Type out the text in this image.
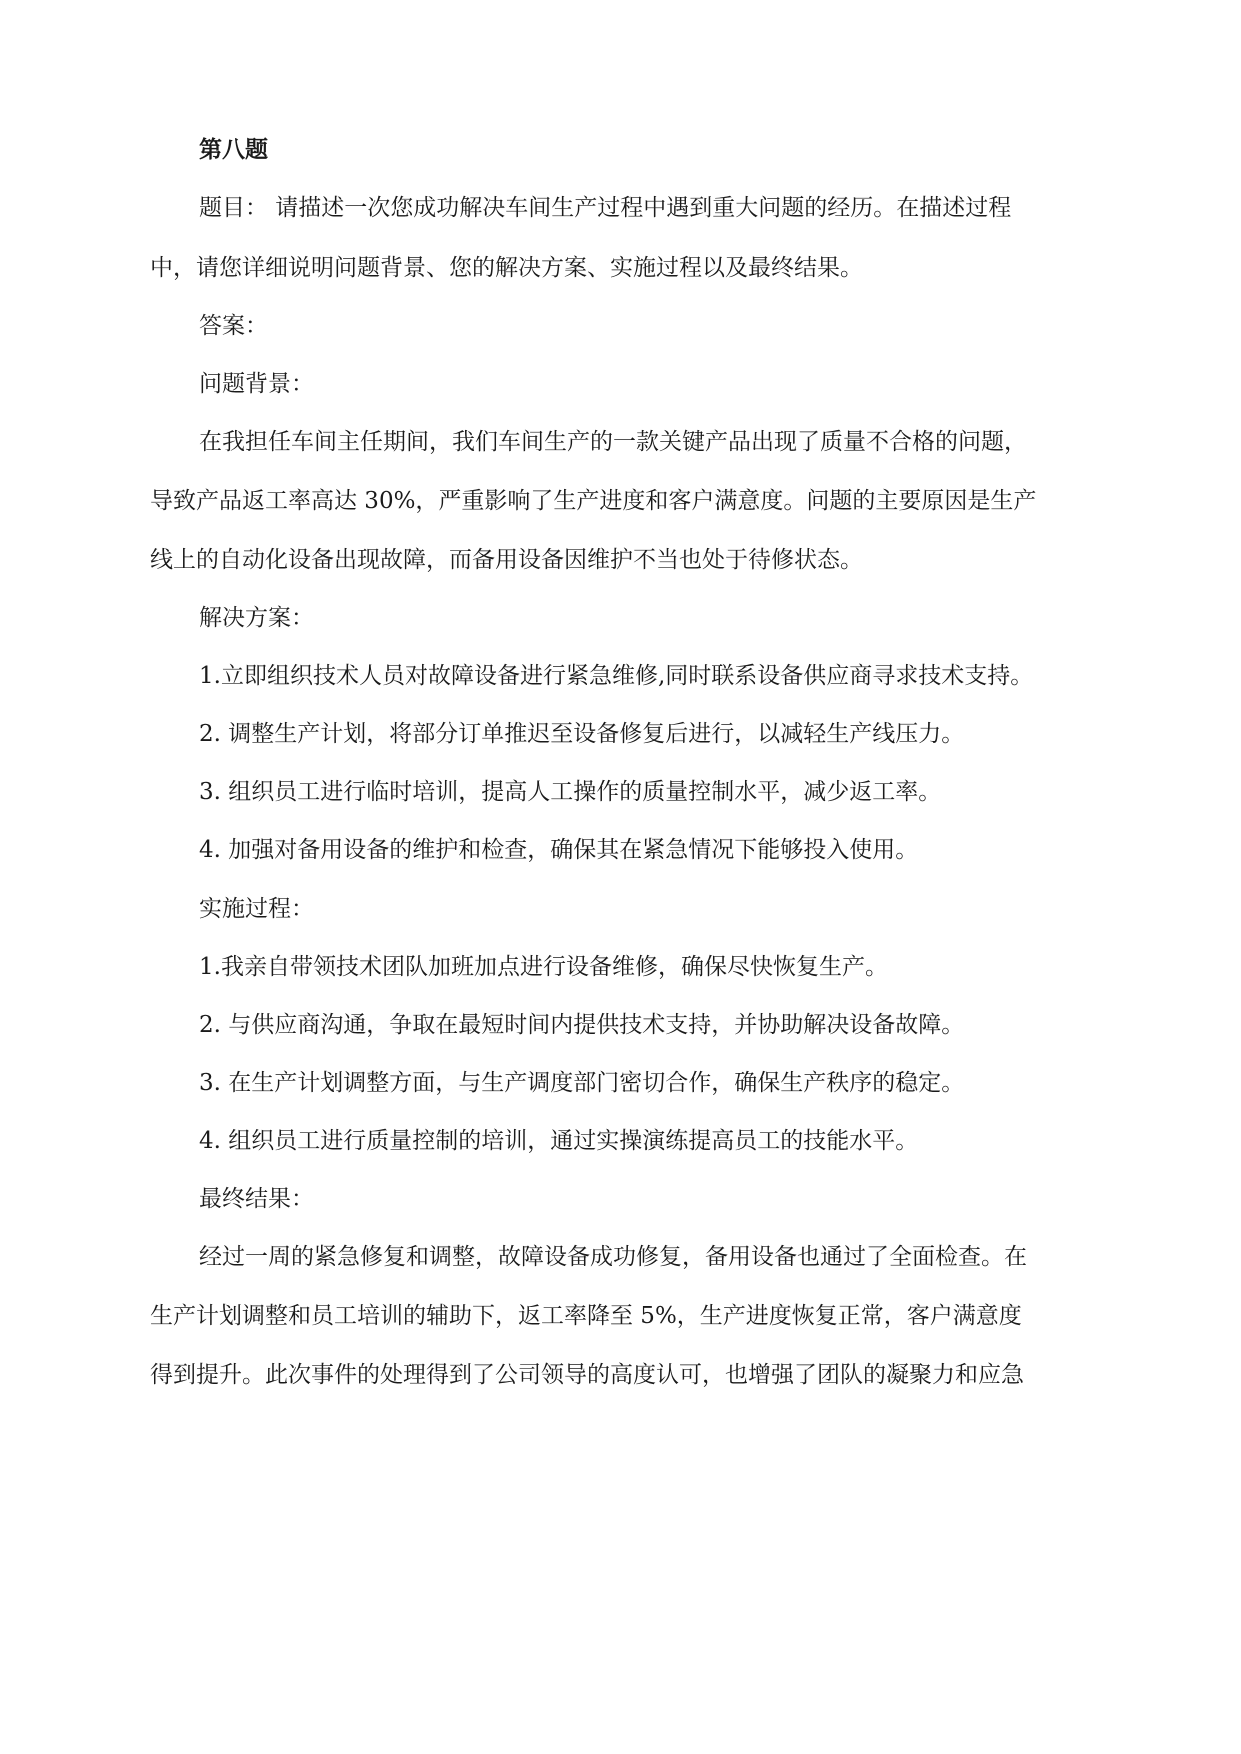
第八题
题目： 请描述一次您成功解决车间生产过程中遇到重大问题的经历。在描述过程
中，请您详细说明问题背景、您的解决方案、实施过程以及最终结果。
答案：
问题背景：
在我担任车间主任期间，我们车间生产的一款关键产品出现了质量不合格的问题，
导致产品返工率高达 30%，严重影响了生产进度和客户满意度。问题的主要原因是生产
线上的自动化设备出现故障，而备用设备因维护不当也处于待修状态。
解决方案：
1.立即组织技术人员对故障设备进行紧急维修,同时联系设备供应商寻求技术支持。
2. 调整生产计划，将部分订单推迟至设备修复后进行，以减轻生产线压力。
3. 组织员工进行临时培训，提高人工操作的质量控制水平，减少返工率。
4. 加强对备用设备的维护和检查，确保其在紧急情况下能够投入使用。
实施过程：
1.我亲自带领技术团队加班加点进行设备维修，确保尽快恢复生产。
2. 与供应商沟通，争取在最短时间内提供技术支持，并协助解决设备故障。
3. 在生产计划调整方面，与生产调度部门密切合作，确保生产秩序的稳定。
4. 组织员工进行质量控制的培训，通过实操演练提高员工的技能水平。
最终结果：
经过一周的紧急修复和调整，故障设备成功修复，备用设备也通过了全面检查。在
生产计划调整和员工培训的辅助下，返工率降至 5%，生产进度恢复正常，客户满意度
得到提升。此次事件的处理得到了公司领导的高度认可，也增强了团队的凝聚力和应急
